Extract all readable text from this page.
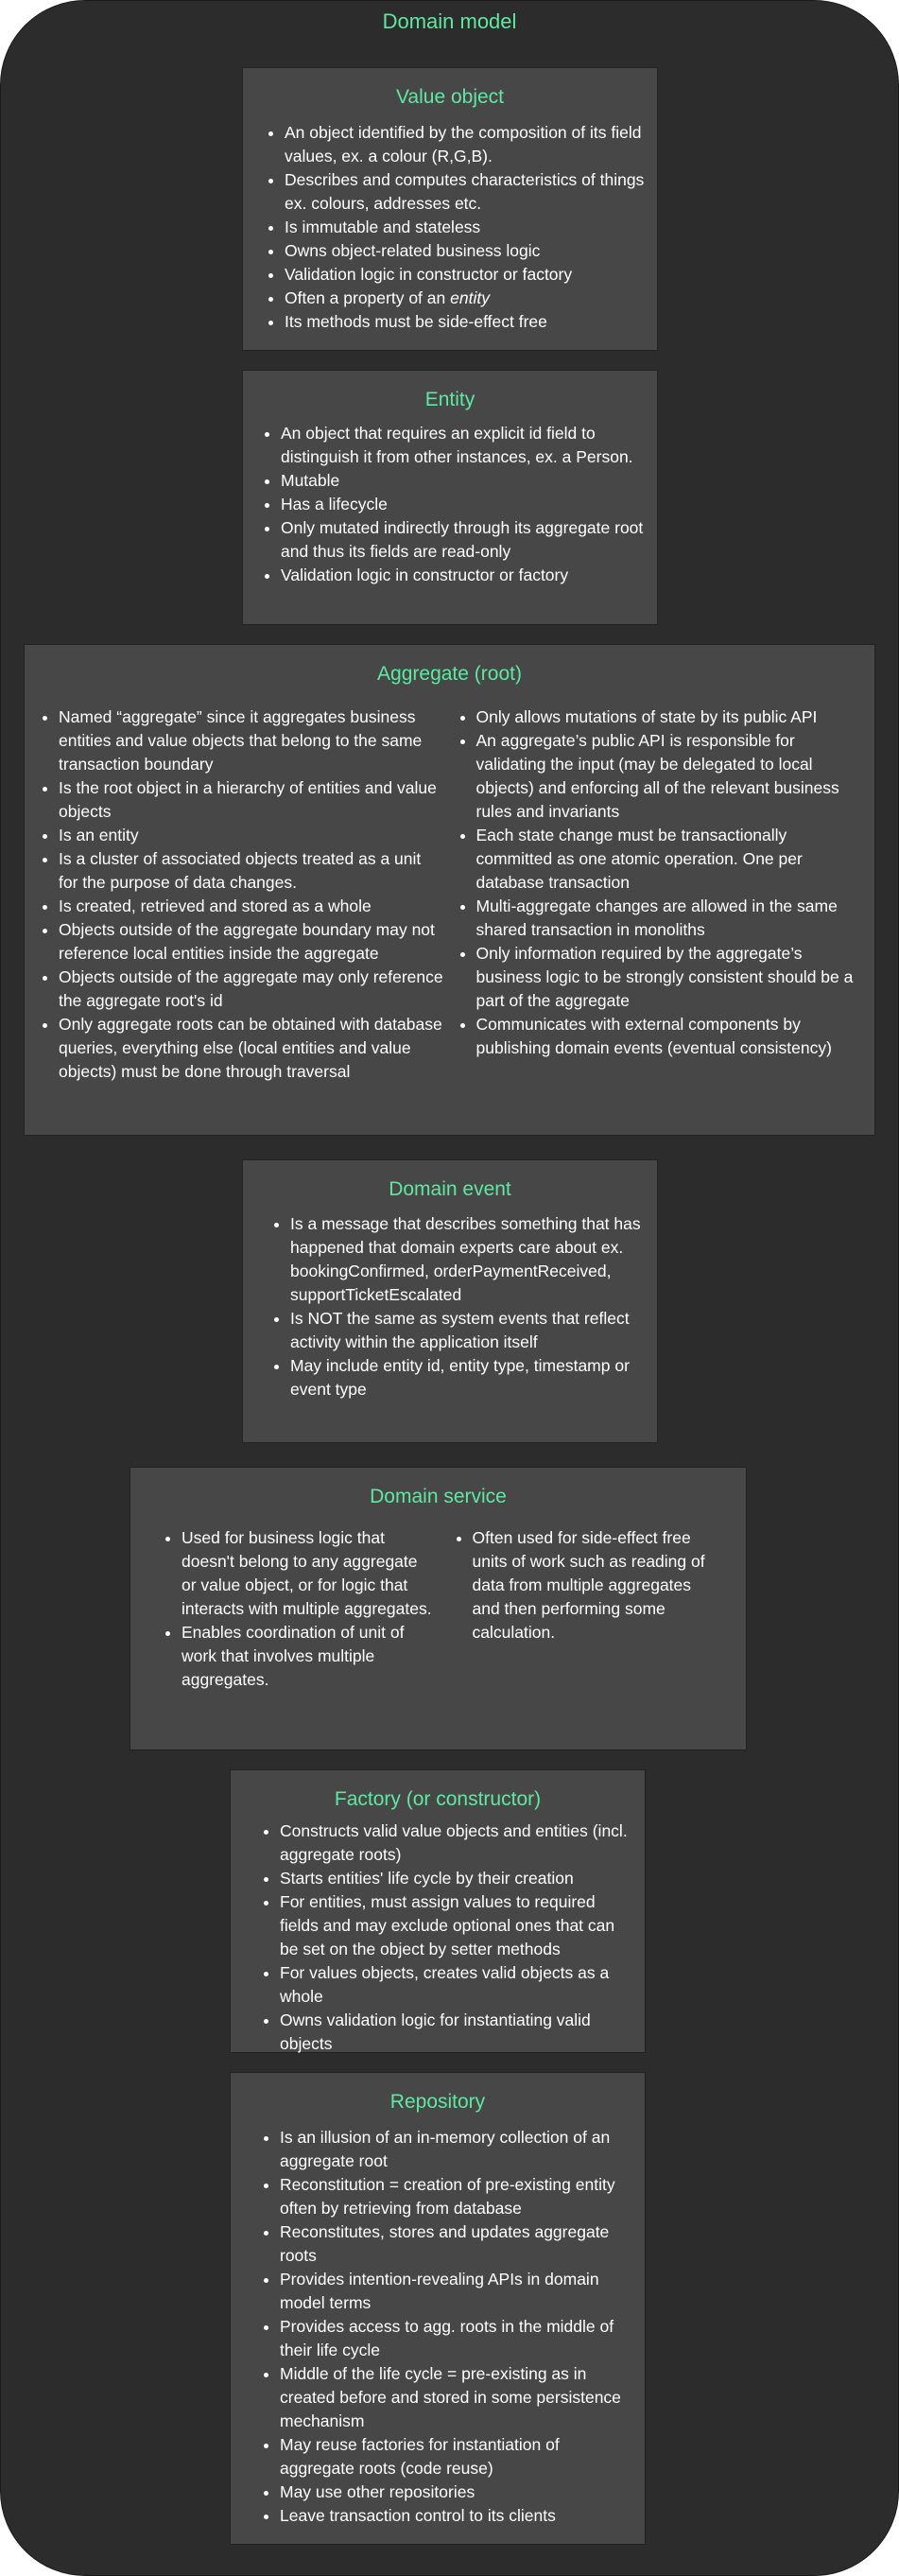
Domain model
Value object
• An object identified by the composition of its field values, ex. a colour (R,G,B).
• Describes and computes characteristics of things ex. colours, addresses etc.
• Is immutable and stateless
• Owns object-related business logic
• Validation logic in constructor or factory
• Often a property of an entity
• Its methods must be side-effect free
Entity
• An object that requires an explicit id field to distinguish it from other instances, ex. a Person.
• Mutable
• Has a lifecycle
• Only mutated indirectly through its aggregate root and thus its fields are read-only
• Validation logic in constructor or factory
Aggregate (root)
• Named “aggregate” since it aggregates business entities and value objects that belong to the same transaction boundary
• Is the root object in a hierarchy of entities and value objects
• Is an entity
• Is a cluster of associated objects treated as a unit for the purpose of data changes.
• Is created, retrieved and stored as a whole
• Objects outside of the aggregate boundary may not reference local entities inside the aggregate
• Objects outside of the aggregate may only reference the aggregate root's id
• Only aggregate roots can be obtained with database queries, everything else (local entities and value objects) must be done through traversal
• Only allows mutations of state by its public API
• An aggregate’s public API is responsible for validating the input (may be delegated to local objects) and enforcing all of the relevant business rules and invariants
• Each state change must be transactionally committed as one atomic operation. One per database transaction
• Multi-aggregate changes are allowed in the same shared transaction in monoliths
• Only information required by the aggregate’s business logic to be strongly consistent should be a part of the aggregate
• Communicates with external components by publishing domain events (eventual consistency)
Domain event
• Is a message that describes something that has happened that domain experts care about ex. bookingConfirmed, orderPaymentReceived, supportTicketEscalated
• Is NOT the same as system events that reflect activity within the application itself
• May include entity id, entity type, timestamp or event type
Domain service
• Used for business logic that doesn't belong to any aggregate or value object, or for logic that interacts with multiple aggregates.
• Enables coordination of unit of work that involves multiple aggregates.
• Often used for side-effect free units of work such as reading of data from multiple aggregates and then performing some calculation.
Factory (or constructor)
• Constructs valid value objects and entities (incl. aggregate roots)
• Starts entities' life cycle by their creation
• For entities, must assign values to required fields and may exclude optional ones that can be set on the object by setter methods
• For values objects, creates valid objects as a whole
• Owns validation logic for instantiating valid objects
Repository
• Is an illusion of an in-memory collection of an aggregate root
• Reconstitution = creation of pre-existing entity often by retrieving from database
• Reconstitutes, stores and updates aggregate roots
• Provides intention-revealing APIs in domain model terms
• Provides access to agg. roots in the middle of their life cycle
• Middle of the life cycle = pre-existing as in created before and stored in some persistence mechanism
• May reuse factories for instantiation of aggregate roots (code reuse)
• May use other repositories
• Leave transaction control to its clients
